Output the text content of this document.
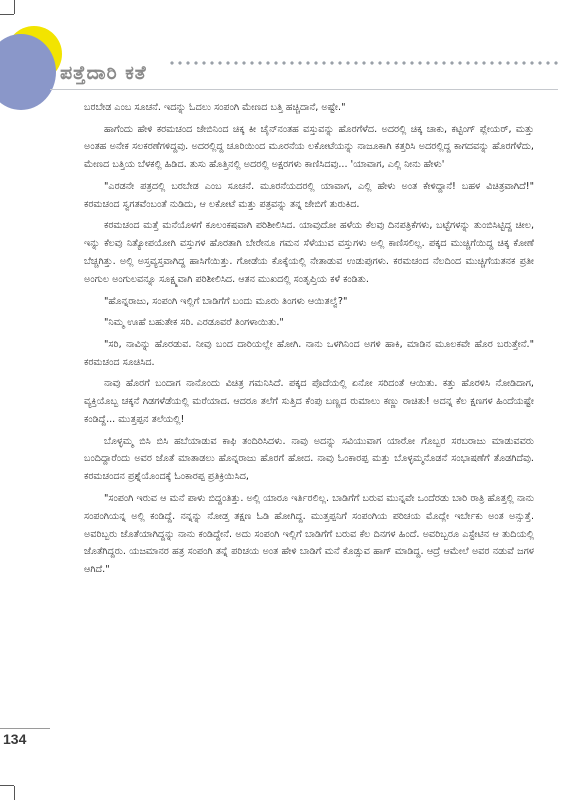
ಪತ್ತೆದಾರಿ ಕತೆ

ಬರಬೇಡ ಎಂಬ ಸೂಚನೆ. ಇದನ್ನು ಓದಲು ಸಂಪಂಗಿ ಮೇಣದ ಬತ್ತಿ ಹಚ್ಚಿದಾನೆ, ಅಷ್ಟೇ."

ಹಾಗೆಂದು ಹೇಳಿ ಕರಮಚಂದ ಜೇಬಿನಿಂದ ಚಿಕ್ಕ ಕೀ ಚೈನ್‌ನಂತಹ ವಸ್ತುವನ್ನು ಹೊರಗೆಳೆದ. ಅದರಲ್ಲಿ ಚಿಕ್ಕ ಚಾಕು, ಕಟ್ಟಿಂಗ್ ಪ್ಲೇಯರ್, ಮತ್ತು ಅಂತಹ ಅನೇಕ ಸಲಕರಣೆಗಳಿದ್ದವು. ಅದರಲ್ಲಿದ್ದ ಚೂರಿಯಿಂದ ಮೂರನೆಯ ಲಕೋಟೆಯನ್ನು ನಾಜೂಕಾಗಿ ಕತ್ತರಿಸಿ ಅದರಲ್ಲಿದ್ದ ಕಾಗದವನ್ನು ಹೊರಗೆಳೆದು, ಮೇಣದ ಬತ್ತಿಯ ಬೆಳಕಲ್ಲಿ ಹಿಡಿದ. ತುಸು ಹೊತ್ತಿನಲ್ಲಿ ಅದರಲ್ಲಿ ಅಕ್ಷರಗಳು ಕಾಣಿಸಿದವು... 'ಯಾವಾಗ, ಎಲ್ಲಿ ನೀನು ಹೇಳು'

"ಎರಡನೇ ಪತ್ರದಲ್ಲಿ ಬರಬೇಡ ಎಂಬ ಸೂಚನೆ. ಮೂರನೆಯದರಲ್ಲಿ ಯಾವಾಗ, ಎಲ್ಲಿ ಹೇಳು ಅಂತ ಕೇಳಿದ್ದಾನೆ! ಬಹಳ ವಿಚಿತ್ರವಾಗಿದೆ!" ಕರಮಚಂದ ಸ್ವಗತವೆಂಬಂತೆ ನುಡಿದು, ಆ ಲಕೋಟೆ ಮತ್ತು ಪತ್ರವನ್ನು ತನ್ನ ಜೇಬಿಗೆ ತುರುಕಿದ.

ಕರಮಚಂದ ಮತ್ತೆ ಮನೆಯೊಳಗೆ ಕೂಲಂಕಷವಾಗಿ ಪರಿಶೀಲಿಸಿದ. ಯಾವುದೋ ಹಳೆಯ ಕೆಲವು ದಿನಪತ್ರಿಕೆಗಳು, ಬಟ್ಟೆಗಳನ್ನು ತುಂಬಿಸಿಟ್ಟಿದ್ದ ಚೀಲ, ಇನ್ನು ಕೆಲವು ನಿತ್ಯೋಪಯೋಗಿ ವಸ್ತುಗಳ ಹೊರತಾಗಿ ಬೇರೇನೂ ಗಮನ ಸೆಳೆಯುವ ವಸ್ತುಗಳು ಅಲ್ಲಿ ಕಾಣಿಸಲಿಲ್ಲ. ಪಕ್ಕದ ಮುಚ್ಚಿಗೆಯಿದ್ದ ಚಿಕ್ಕ ಕೋಣೆ ಬೆಚ್ಚಗಿತ್ತು. ಅಲ್ಲಿ ಅಸ್ತವ್ಯಸ್ತವಾಗಿದ್ದ ಹಾಸಿಗೆಯಿತ್ತು. ಗೋಡೆಯ ಕೊಕ್ಕೆಯಲ್ಲಿ ನೇತಾಡುವ ಉಡುಪುಗಳು. ಕರಮಚಂದ ನೆಲದಿಂದ ಮುಚ್ಚಿಗೆಯತನಕ ಪ್ರತೀ ಅಂಗುಲ ಅಂಗುಲವನ್ನೂ ಸೂಕ್ಷ್ಮವಾಗಿ ಪರಿಶೀಲಿಸಿದ. ಆತನ ಮುಖದಲ್ಲಿ ಸಂತೃಪ್ತಿಯ ಕಳೆ ಕಂಡಿತು.

"ಹೊನ್ನರಾಜು, ಸಂಪಂಗಿ ಇಲ್ಲಿಗೆ ಬಾಡಿಗೆಗೆ ಬಂದು ಮೂರು ತಿಂಗಳು ಆಯಿತಲ್ವೆ?"

"ನಿಮ್ಮ ಊಹೆ ಬಹುತೇಕ ಸರಿ. ಎರಡೂವರೆ ತಿಂಗಳಾಯಿತು."

"ಸರಿ, ನಾವಿನ್ನು ಹೊರಡುವ. ನೀವು ಬಂದ ದಾರಿಯಲ್ಲೇ ಹೋಗಿ. ನಾನು ಒಳಗಿನಿಂದ ಅಗಳಿ ಹಾಕಿ, ಮಾಡಿನ ಮೂಲಕವೇ ಹೊರ ಬರುತ್ತೇನೆ." ಕರಮಚಂದ ಸೂಚಿಸಿದ.

ನಾವು ಹೊರಗೆ ಬಂದಾಗ ನಾನೊಂದು ವಿಚಿತ್ರ ಗಮನಿಸಿದೆ. ಪಕ್ಕದ ಪೊದೆಯಲ್ಲಿ ಏನೋ ಸರಿದಂತೆ ಆಯಿತು. ಕತ್ತು ಹೊರಳಿಸಿ ನೋಡಿದಾಗ, ವ್ಯಕ್ತಿಯೊಬ್ಬ ಚಕ್ಕನೆ ಗಿಡಗಳೆಡೆಯಲ್ಲಿ ಮರೆಯಾದ. ಆದರೂ ತಲೆಗೆ ಸುತ್ತಿದ ಕೆಂಪು ಬಣ್ಣದ ರುಮಾಲು ಕಣ್ಣು ರಾಚಿತು! ಅದನ್ನ ಕೆಲ ಕ್ಷಣಗಳ ಹಿಂದೆಯಷ್ಟೇ ಕಂಡಿದ್ದೆ... ಮುತ್ತಪ್ಪನ ತಲೆಯಲ್ಲಿ!

ಬೊಳ್ಳಮ್ಮ ಬಿಸಿ ಬಿಸಿ ಹಬೆಯಾಡುವ ಕಾಫಿ ತಂದಿರಿಸಿದಳು. ನಾವು ಅದನ್ನು ಸವಿಯುವಾಗ ಯಾರೋ ಗೊಬ್ಬರ ಸರಬರಾಜು ಮಾಡುವವರು ಬಂದಿದ್ದಾರೆಂದು ಅವರ ಜೊತೆ ಮಾತಾಡಲು ಹೊನ್ನರಾಜು ಹೊರಗೆ ಹೋದ. ನಾವು ಓಂಕಾರಪ್ಪ ಮತ್ತು ಬೊಳ್ಳಮ್ಮನೊಡನೆ ಸಂಭಾಷಣೆಗೆ ತೊಡಗಿದೆವು. ಕರಮಚಂದನ ಪ್ರಶ್ನೆಯೊಂದಕ್ಕೆ ಓಂಕಾರಪ್ಪ ಪ್ರತಿಕ್ರಿಯಿಸಿದ,

"ಸಂಪಂಗಿ ಇರುವ ಆ ಮನೆ ಪಾಳು ಬಿದ್ದಂತಿತ್ತು. ಅಲ್ಲಿ ಯಾರೂ ಇರ್ತಿರಲಿಲ್ಲ. ಬಾಡಿಗೆಗೆ ಬರುವ ಮುನ್ನವೇ ಒಂದೆರಡು ಬಾರಿ ರಾತ್ರಿ ಹೊತ್ತಲ್ಲಿ ನಾನು ಸಂಪಂಗಿಯನ್ನ ಅಲ್ಲಿ ಕಂಡಿದ್ದೆ. ನನ್ನನ್ನು ನೋಡ್ತ ತಕ್ಷಣ ಓಡಿ ಹೋಗಿದ್ದ. ಮುತ್ತಪ್ಪನಿಗೆ ಸಂಪಂಗಿಯ ಪರಿಚಯ ಮೊದ್ಲೇ ಇರ್ಬೇಕು ಅಂತ ಅನ್ಸುತ್ತೆ. ಅವರಿಬ್ಬರು ಜೊತೆಯಾಗಿದ್ದನ್ನು ನಾನು ಕಂಡಿದ್ದೇನೆ. ಅದು ಸಂಪಂಗಿ ಇಲ್ಲಿಗೆ ಬಾಡಿಗೆಗೆ ಬರುವ ಕೆಲ ದಿನಗಳ ಹಿಂದೆ. ಅವರಿಬ್ಬರೂ ಎಸ್ಟೇಟಿನ ಆ ತುದಿಯಲ್ಲಿ ಜೊತೆಗಿದ್ದರು. ಯಜಮಾನರ ಹತ್ರ ಸಂಪಂಗಿ ತನ್ನೆ ಪರಿಚಯ ಅಂತ ಹೇಳಿ ಬಾಡಿಗೆ ಮನೆ ಕೊಡ್ಸುವ ಹಾಗ್ ಮಾಡಿದ್ದ. ಆದ್ರೆ ಆಮೇಲೆ ಅವರ ನಡುವೆ ಜಗಳ ಆಗಿದೆ."

134
